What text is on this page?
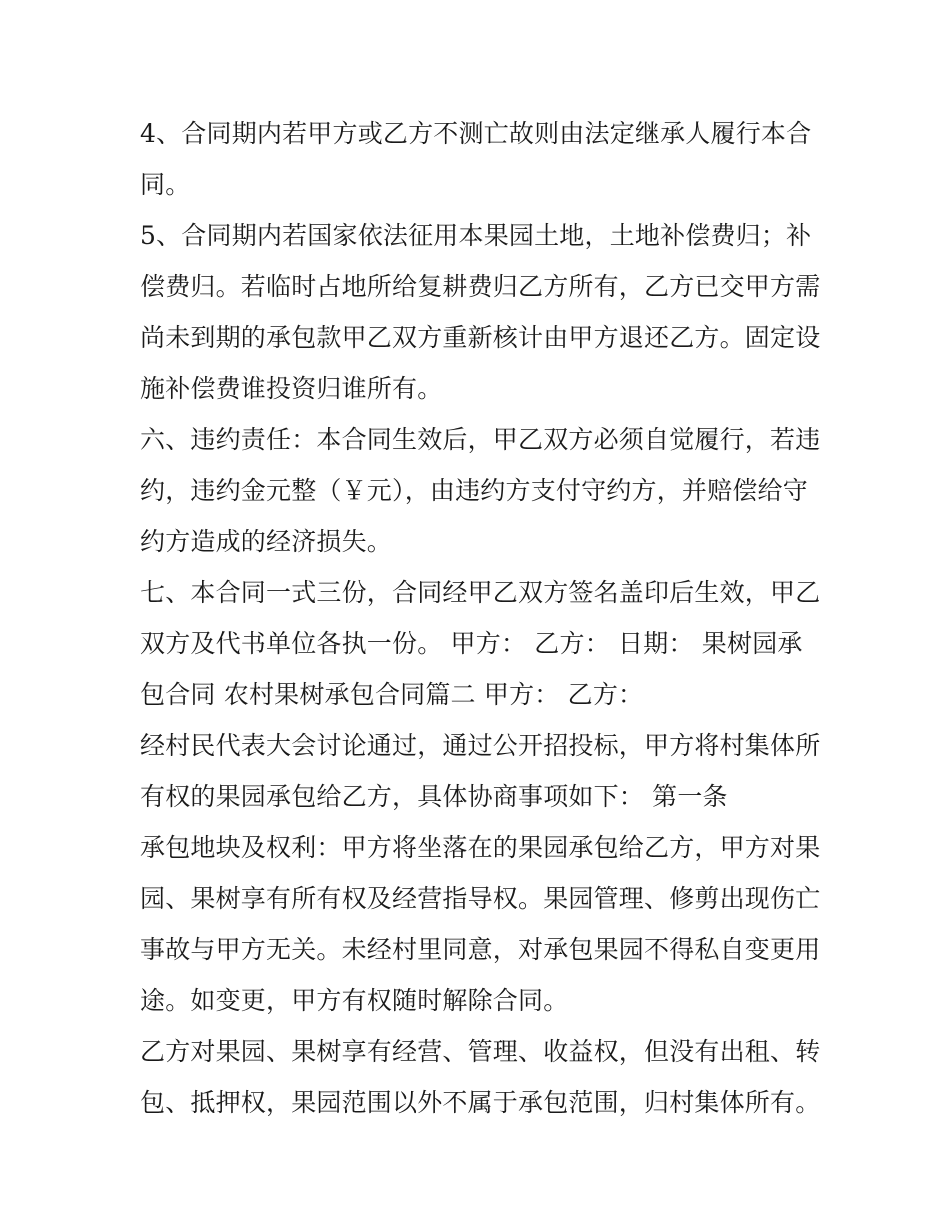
4、合同期内若甲方或乙方不测亡故则由法定继承人履行本合
同。
5、合同期内若国家依法征用本果园土地，土地补偿费归；补
偿费归。若临时占地所给复耕费归乙方所有，乙方已交甲方需
尚未到期的承包款甲乙双方重新核计由甲方退还乙方。固定设
施补偿费谁投资归谁所有。
六、违约责任：本合同生效后，甲乙双方必须自觉履行，若违
约，违约金元整（￥元），由违约方支付守约方，并赔偿给守
约方造成的经济损失。
七、本合同一式三份，合同经甲乙双方签名盖印后生效，甲乙
双方及代书单位各执一份。 甲方： 乙方： 日期： 果树园承
包合同 农村果树承包合同篇二 甲方： 乙方：
经村民代表大会讨论通过，通过公开招投标，甲方将村集体所
有权的果园承包给乙方，具体协商事项如下： 第一条
承包地块及权利：甲方将坐落在的果园承包给乙方，甲方对果
园、果树享有所有权及经营指导权。果园管理、修剪出现伤亡
事故与甲方无关。未经村里同意，对承包果园不得私自变更用
途。如变更，甲方有权随时解除合同。
乙方对果园、果树享有经营、管理、收益权，但没有出租、转
包、抵押权，果园范围以外不属于承包范围，归村集体所有。
